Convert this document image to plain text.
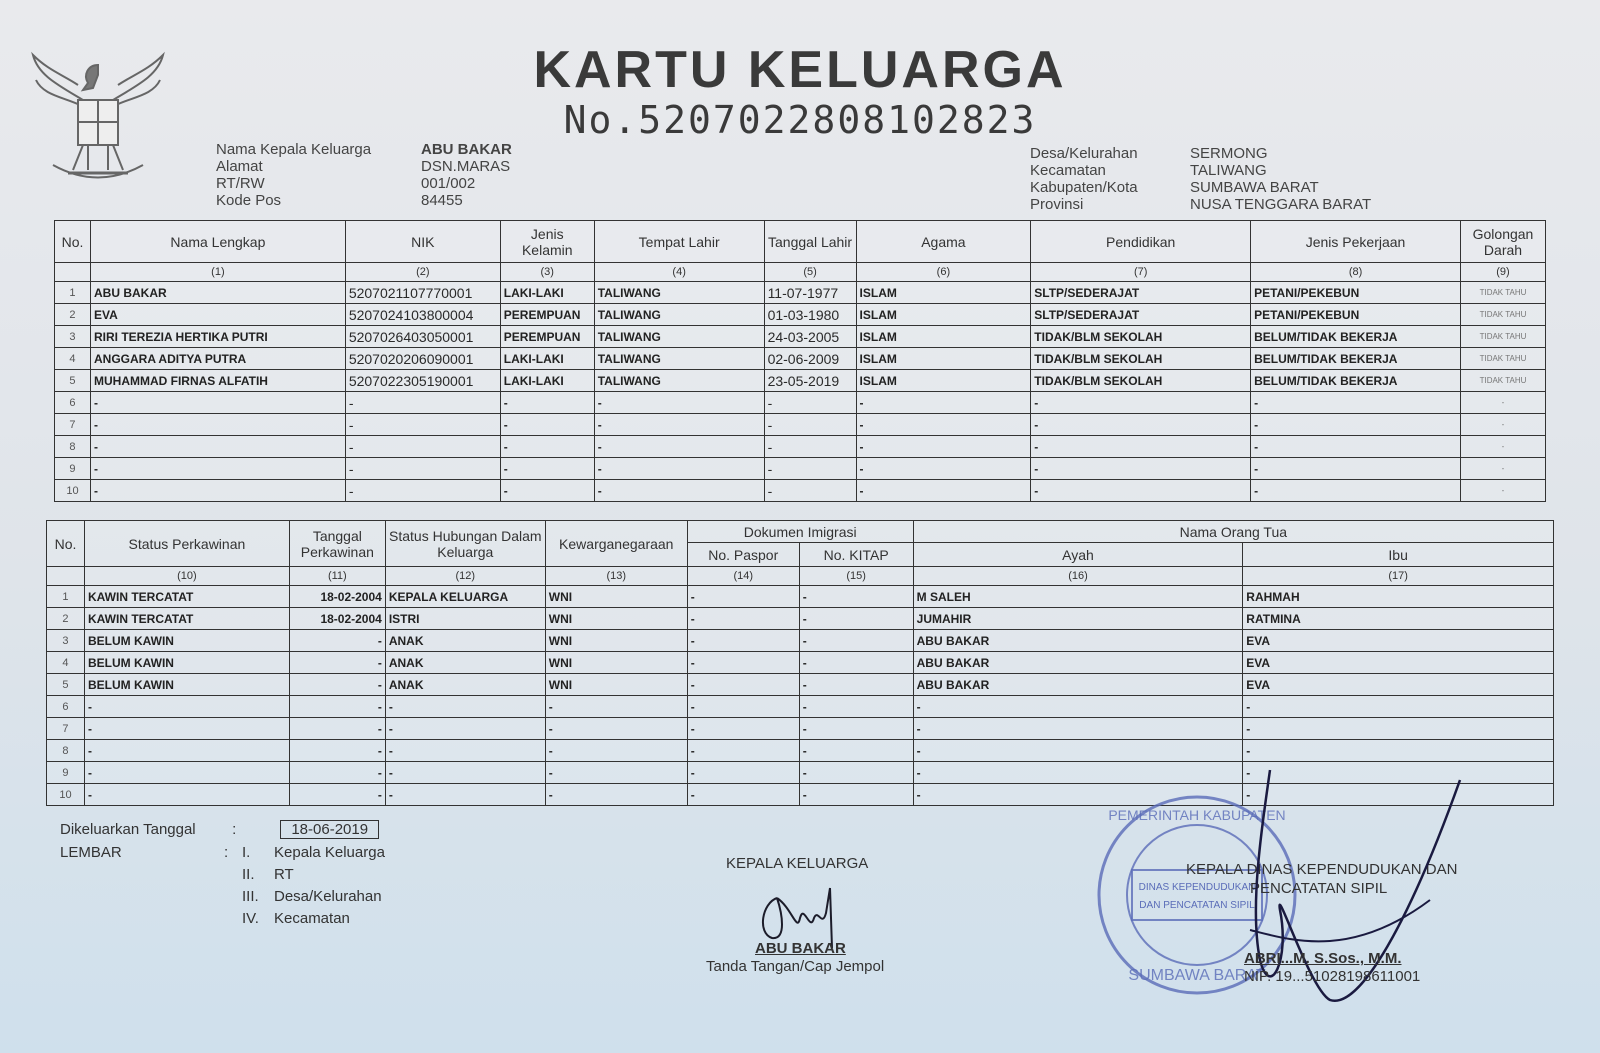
KARTU KELUARGA
No.5207022808102823
Nama Kepala Keluarga	ABU BAKAR
Alamat	DSN.MARAS
RT/RW	001/002
Kode Pos	84455
Desa/Kelurahan	SERMONG
Kecamatan	TALIWANG
Kabupaten/Kota	SUMBAWA BARAT
Provinsi	NUSA TENGGARA BARAT
No.	Nama Lengkap	NIK	Jenis Kelamin	Tempat Lahir	Tanggal Lahir	Agama	Pendidikan	Jenis Pekerjaan	Golongan Darah
	(1)	(2)	(3)	(4)	(5)	(6)	(7)	(8)	(9)
1	ABU BAKAR	5207021107770001	LAKI-LAKI	TALIWANG	11-07-1977	ISLAM	SLTP/SEDERAJAT	PETANI/PEKEBUN	TIDAK TAHU
2	EVA	5207024103800004	PEREMPUAN	TALIWANG	01-03-1980	ISLAM	SLTP/SEDERAJAT	PETANI/PEKEBUN	TIDAK TAHU
3	RIRI TEREZIA HERTIKA PUTRI	5207026403050001	PEREMPUAN	TALIWANG	24-03-2005	ISLAM	TIDAK/BLM SEKOLAH	BELUM/TIDAK BEKERJA	TIDAK TAHU
4	ANGGARA ADITYA PUTRA	5207020206090001	LAKI-LAKI	TALIWANG	02-06-2009	ISLAM	TIDAK/BLM SEKOLAH	BELUM/TIDAK BEKERJA	TIDAK TAHU
5	MUHAMMAD FIRNAS ALFATIH	5207022305190001	LAKI-LAKI	TALIWANG	23-05-2019	ISLAM	TIDAK/BLM SEKOLAH	BELUM/TIDAK BEKERJA	TIDAK TAHU
6	-	-	-	-	-	-	-	-	-
7	-	-	-	-	-	-	-	-	-
8	-	-	-	-	-	-	-	-	-
9	-	-	-	-	-	-	-	-	-
10	-	-	-	-	-	-	-	-	-
No.	Status Perkawinan	Tanggal Perkawinan	Status Hubungan Dalam Keluarga	Kewarganegaraan	Dokumen Imigrasi		Nama Orang Tua	
					No. Paspor	No. KITAP	Ayah	Ibu
	(10)	(11)	(12)	(13)	(14)	(15)	(16)	(17)
1	KAWIN TERCATAT	18-02-2004	KEPALA KELUARGA	WNI	-	-	M SALEH	RAHMAH
2	KAWIN TERCATAT	18-02-2004	ISTRI	WNI	-	-	JUMAHIR	RATMINA
3	BELUM KAWIN	-	ANAK	WNI	-	-	ABU BAKAR	EVA
4	BELUM KAWIN	-	ANAK	WNI	-	-	ABU BAKAR	EVA
5	BELUM KAWIN	-	ANAK	WNI	-	-	ABU BAKAR	EVA
6	-	-	-	-	-	-	-	-
7	-	-	-	-	-	-	-	-
8	-	-	-	-	-	-	-	-
9	-	-	-	-	-	-	-	-
10	-	-	-	-	-	-	-	-
Dikeluarkan Tanggal :	18-06-2019
LEMBAR	: I. Kepala Keluarga
II. RT
III. Desa/Kelurahan
IV. Kecamatan
KEPALA KELUARGA
ABU BAKAR
Tanda Tangan/Cap Jempol
DINAS KEPENDUDUKAN
DAN PENCATATAN SIPIL
PEMERINTAH KABUPATEN
SUMBAWA BARAT
KEPALA DINAS KEPENDUDUKAN DAN
PENCATATAN SIPIL
ABRI...M. S.Sos., M.M.
NIP. 19...51028198611001
